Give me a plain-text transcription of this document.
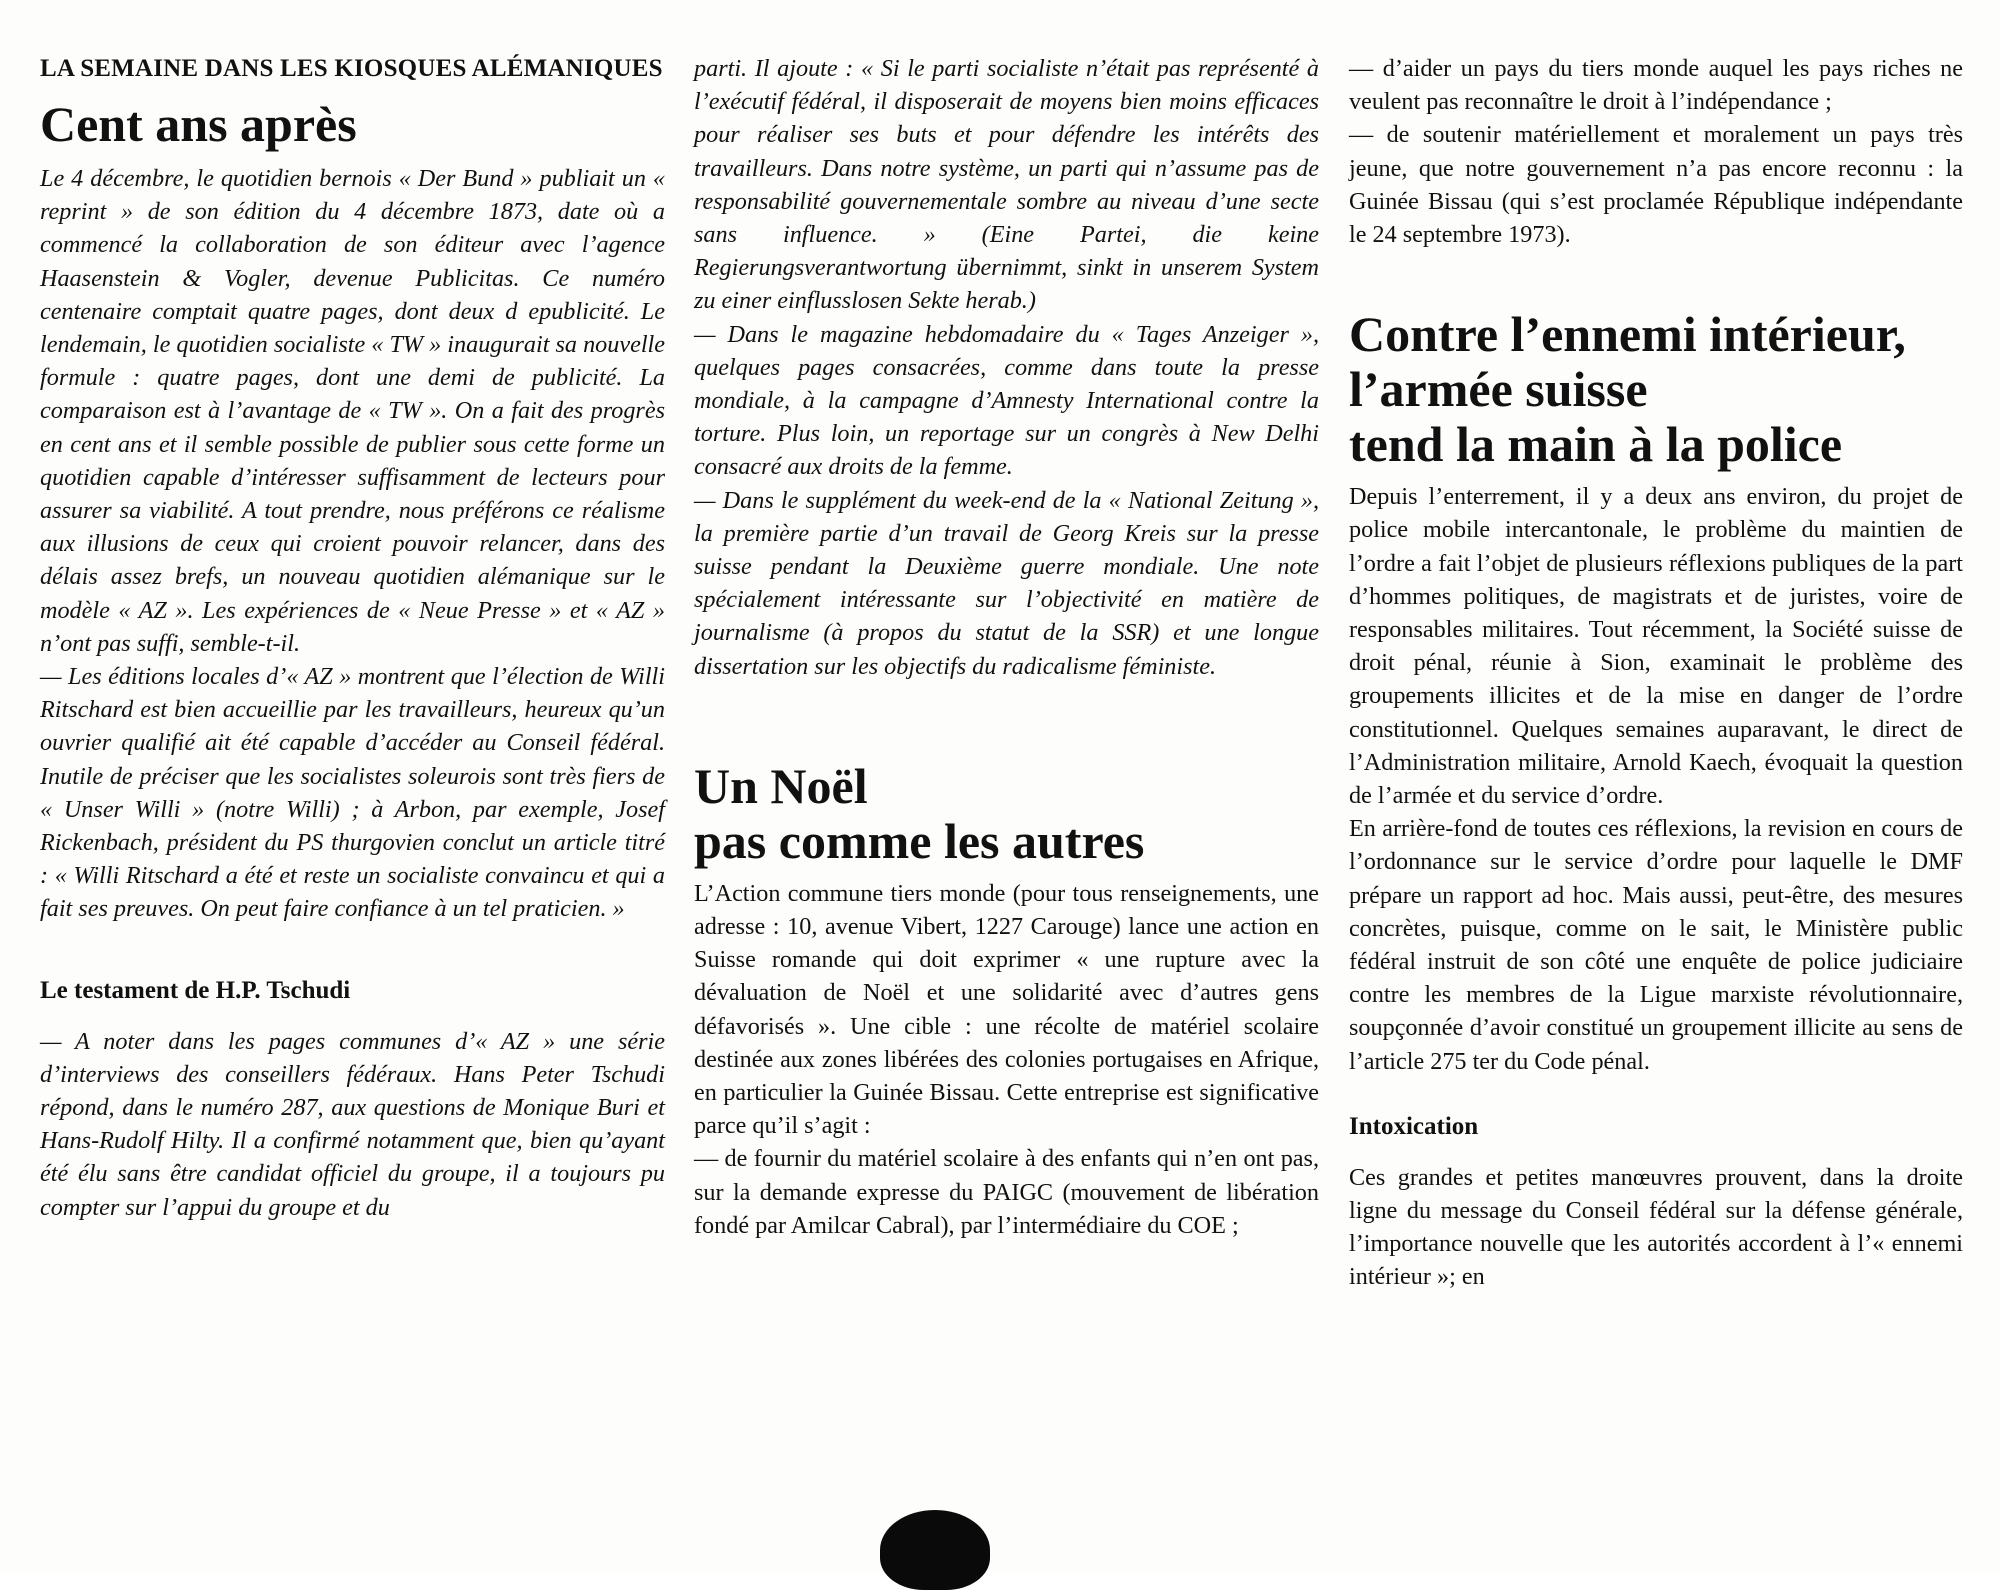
LA SEMAINE DANS LES KIOSQUES ALÉMANIQUES

Cent ans après

Le 4 décembre, le quotidien bernois « Der Bund » publiait un « reprint » de son édition du 4 décembre 1873, date où a commencé la collaboration de son éditeur avec l’agence Haasenstein & Vogler, devenue Publicitas. Ce numéro centenaire comptait quatre pages, dont deux d epublicité. Le lendemain, le quotidien socialiste « TW » inaugurait sa nouvelle formule : quatre pages, dont une demi de publicité. La comparaison est à l’avantage de « TW ». On a fait des progrès en cent ans et il semble possible de publier sous cette forme un quotidien capable d’intéresser suffisamment de lecteurs pour assurer sa viabilité. A tout prendre, nous préférons ce réalisme aux illusions de ceux qui croient pouvoir relancer, dans des délais assez brefs, un nouveau quotidien alémanique sur le modèle « AZ ». Les expériences de « Neue Presse » et « AZ » n’ont pas suffi, semble-t-il.

— Les éditions locales d’« AZ » montrent que l’élection de Willi Ritschard est bien accueillie par les travailleurs, heureux qu’un ouvrier qualifié ait été capable d’accéder au Conseil fédéral. Inutile de préciser que les socialistes soleurois sont très fiers de « Unser Willi » (notre Willi) ; à Arbon, par exemple, Josef Rickenbach, président du PS thurgovien conclut un article titré : « Willi Ritschard a été et reste un socialiste convaincu et qui a fait ses preuves. On peut faire confiance à un tel praticien. »

Le testament de H.P. Tschudi

— A noter dans les pages communes d’« AZ » une série d’interviews des conseillers fédéraux. Hans Peter Tschudi répond, dans le numéro 287, aux questions de Monique Buri et Hans-Rudolf Hilty. Il a confirmé notamment que, bien qu’ayant été élu sans être candidat officiel du groupe, il a toujours pu compter sur l’appui du groupe et du

parti. Il ajoute : « Si le parti socialiste n’était pas représenté à l’exécutif fédéral, il disposerait de moyens bien moins efficaces pour réaliser ses buts et pour défendre les intérêts des travailleurs. Dans notre système, un parti qui n’assume pas de responsabilité gouvernementale sombre au niveau d’une secte sans influence. » (Eine Partei, die keine Regierungsverantwortung übernimmt, sinkt in unserem System zu einer einflusslosen Sekte herab.)

— Dans le magazine hebdomadaire du « Tages Anzeiger », quelques pages consacrées, comme dans toute la presse mondiale, à la campagne d’Amnesty International contre la torture. Plus loin, un reportage sur un congrès à New Delhi consacré aux droits de la femme.

— Dans le supplément du week-end de la « National Zeitung », la première partie d’un travail de Georg Kreis sur la presse suisse pendant la Deuxième guerre mondiale. Une note spécialement intéressante sur l’objectivité en matière de journalisme (à propos du statut de la SSR) et une longue dissertation sur les objectifs du radicalisme féministe.

Un Noël
pas comme les autres

L’Action commune tiers monde (pour tous renseignements, une adresse : 10, avenue Vibert, 1227 Carouge) lance une action en Suisse romande qui doit exprimer « une rupture avec la dévaluation de Noël et une solidarité avec d’autres gens défavorisés ». Une cible : une récolte de matériel scolaire destinée aux zones libérées des colonies portugaises en Afrique, en particulier la Guinée Bissau. Cette entreprise est significative parce qu’il s’agit :

— de fournir du matériel scolaire à des enfants qui n’en ont pas, sur la demande expresse du PAIGC (mouvement de libération fondé par Amilcar Cabral), par l’intermédiaire du COE ;

— d’aider un pays du tiers monde auquel les pays riches ne veulent pas reconnaître le droit à l’indépendance ;

— de soutenir matériellement et moralement un pays très jeune, que notre gouvernement n’a pas encore reconnu : la Guinée Bissau (qui s’est proclamée République indépendante le 24 septembre 1973).

Contre l’ennemi intérieur,
l’armée suisse
tend la main à la police

Depuis l’enterrement, il y a deux ans environ, du projet de police mobile intercantonale, le problème du maintien de l’ordre a fait l’objet de plusieurs réflexions publiques de la part d’hommes politiques, de magistrats et de juristes, voire de responsables militaires. Tout récemment, la Société suisse de droit pénal, réunie à Sion, examinait le problème des groupements illicites et de la mise en danger de l’ordre constitutionnel. Quelques semaines auparavant, le direct de l’Administration militaire, Arnold Kaech, évoquait la question de l’armée et du service d’ordre.

En arrière-fond de toutes ces réflexions, la revision en cours de l’ordonnance sur le service d’ordre pour laquelle le DMF prépare un rapport ad hoc. Mais aussi, peut-être, des mesures concrètes, puisque, comme on le sait, le Ministère public fédéral instruit de son côté une enquête de police judiciaire contre les membres de la Ligue marxiste révolutionnaire, soupçonnée d’avoir constitué un groupement illicite au sens de l’article 275 ter du Code pénal.

Intoxication

Ces grandes et petites manœuvres prouvent, dans la droite ligne du message du Conseil fédéral sur la défense générale, l’importance nouvelle que les autorités accordent à l’« ennemi intérieur »; en
